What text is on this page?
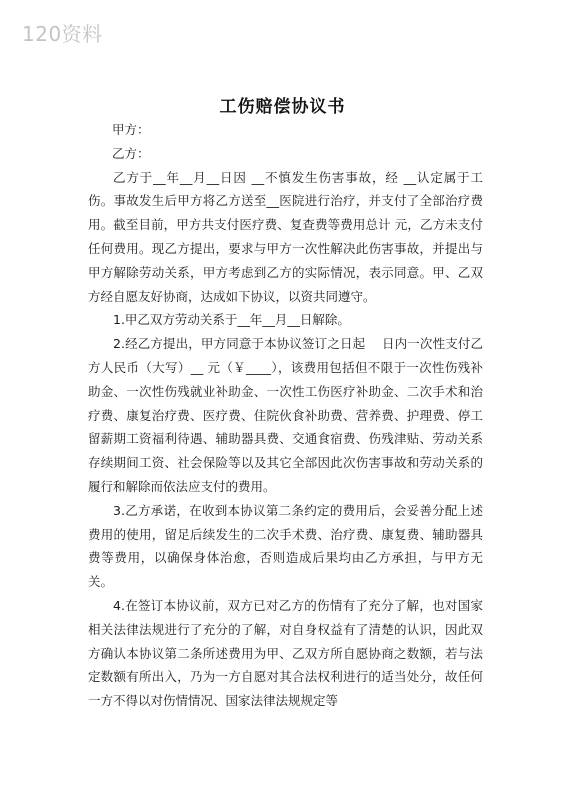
120资料
工伤赔偿协议书
甲方：
乙方：

乙方于__年__月__日因 __不慎发生伤害事故，经 __认定属于工伤。事故发生后甲方将乙方送至__医院进行治疗，并支付了全部治疗费用。截至目前，甲方共支付医疗费、复查费等费用总计 元，乙方未支付任何费用。现乙方提出，要求与甲方一次性解决此伤害事故，并提出与甲方解除劳动关系，甲方考虑到乙方的实际情况，表示同意。甲、乙双方经自愿友好协商，达成如下协议，以资共同遵守。

1.甲乙双方劳动关系于__年__月__日解除。

2.经乙方提出，甲方同意于本协议签订之日起　 日内一次性支付乙方人民币（大写）__ 元（￥____），该费用包括但不限于一次性伤残补助金、一次性伤残就业补助金、一次性工伤医疗补助金、二次手术和治疗费、康复治疗费、医疗费、住院伙食补助费、营养费、护理费、停工留薪期工资福利待遇、辅助器具费、交通食宿费、伤残津贴、劳动关系存续期间工资、社会保险等以及其它全部因此次伤害事故和劳动关系的履行和解除而依法应支付的费用。

3.乙方承诺，在收到本协议第二条约定的费用后，会妥善分配上述费用的使用，留足后续发生的二次手术费、治疗费、康复费、辅助器具费等费用，以确保身体治愈，否则造成后果均由乙方承担，与甲方无关。

4.在签订本协议前，双方已对乙方的伤情有了充分了解，也对国家相关法律法规进行了充分的了解，对自身权益有了清楚的认识，因此双方确认本协议第二条所述费用为甲、乙双方所自愿协商之数额，若与法定数额有所出入，乃为一方自愿对其合法权利进行的适当处分，故任何一方不得以对伤情情况、国家法律法规规定等
